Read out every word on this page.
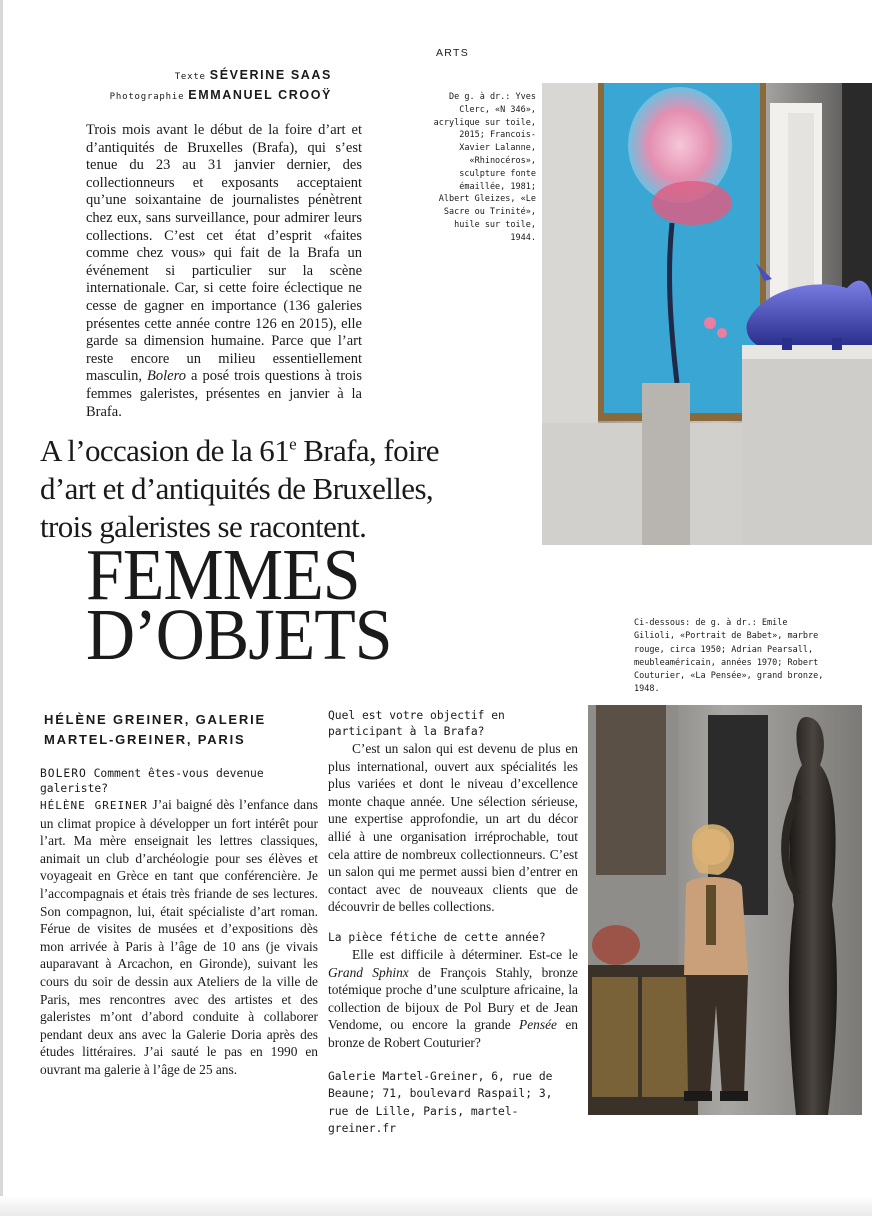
ARTS
Texte SÉVERINE SAAS
Photographie EMMANUEL CROOŸ
Trois mois avant le début de la foire d’art et d’antiquités de Bruxelles (Brafa), qui s’est tenue du 23 au 31 janvier dernier, des collectionneurs et exposants acceptaient qu’une soixantaine de journalistes pénètrent chez eux, sans surveillance, pour admirer leurs collections. C’est cet état d’esprit «faites comme chez vous» qui fait de la Brafa un événement si particulier sur la scène internationale. Car, si cette foire éclectique ne cesse de gagner en importance (136 galeries présentes cette année contre 126 en 2015), elle garde sa dimension humaine. Parce que l’art reste encore un milieu essentiellement masculin, Bolero a posé trois questions à trois femmes galeristes, présentes en janvier à la Brafa.
De g. à dr.: Yves Clerc, «N 346», acrylique sur toile, 2015; Francois-Xavier Lalanne, «Rhinocéros», sculpture fonte émaillée, 1981; Albert Gleizes, «Le Sacre ou Trinité», huile sur toile, 1944.
A l’occasion de la 61e Brafa, foire
d’art et d’antiquités de Bruxelles,
trois galeristes se racontent.
FEMMES
D’OBJETS	Ci-dessous: de g. à dr.: Emile Gilioli, «Portrait de Babet», marbre rouge, circa 1950; Adrian Pearsall, meubleaméricain, années 1970; Robert Couturier, «La Pensée», grand bronze, 1948.
HÉLÈNE GREINER, GALERIE
MARTEL-GREINER, PARIS
BOLERO Comment êtes-vous devenue galeriste?
HÉLÈNE GREINER J’ai baigné dès l’enfance dans un climat propice à développer un fort intérêt pour l’art. Ma mère enseignait les lettres classiques, animait un club d’archéologie pour ses élèves et voyageait en Grèce en tant que conférencière. Je l’accompagnais et étais très friande de ses lectures. Son compagnon, lui, était spécialiste d’art roman. Férue de visites de musées et d’expositions dès mon arrivée à Paris à l’âge de 10 ans (je vivais auparavant à Arcachon, en Gironde), suivant les cours du soir de dessin aux Ateliers de la ville de Paris, mes rencontres avec des artistes et des galeristes m’ont d’abord conduite à collaborer pendant deux ans avec la Galerie Doria après des études littéraires. J’ai sauté le pas en 1990 en ouvrant ma galerie à l’âge de 25 ans.
Quel est votre objectif en participant à la Brafa?

C’est un salon qui est devenu de plus en plus international, ouvert aux spécialités les plus variées et dont le niveau d’excellence monte chaque année. Une sélection sérieuse, une expertise approfondie, un art du décor allié à une organisation irréprochable, tout cela attire de nombreux collectionneurs. C’est un salon qui me permet aussi bien d’entrer en contact avec de nouveaux clients que de découvrir de belles collections.

La pièce fétiche de cette année?

Elle est difficile à déterminer. Est-ce le Grand Sphinx de François Stahly, bronze totémique proche d’une sculpture africaine, la collection de bijoux de Pol Bury et de Jean Vendome, ou encore la grande Pensée en bronze de Robert Couturier?

Galerie Martel-Greiner, 6, rue de Beaune; 71, boulevard Raspail; 3, rue de Lille, Paris, martel-greiner.fr
